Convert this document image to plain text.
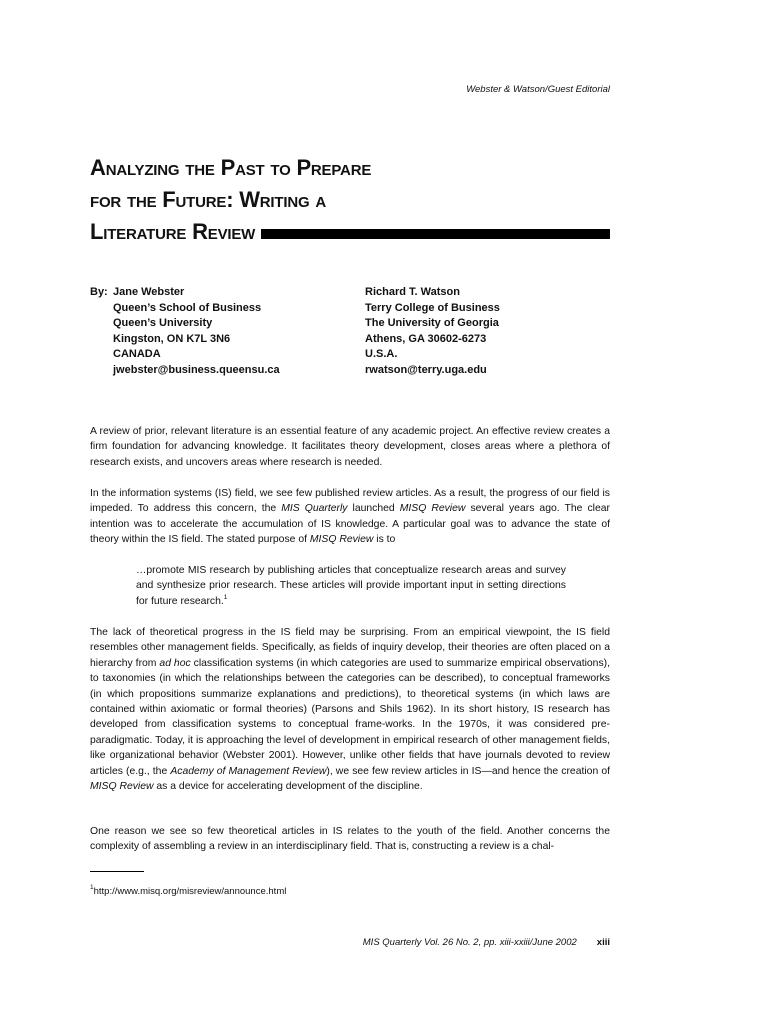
Webster & Watson/Guest Editorial
Analyzing the Past to Prepare
for the Future: Writing a
Literature Review
By: Jane Webster
Queen’s School of Business
Queen’s University
Kingston, ON K7L 3N6
CANADA
jwebster@business.queensu.ca
Richard T. Watson
Terry College of Business
The University of Georgia
Athens, GA 30602-6273
U.S.A.
rwatson@terry.uga.edu

A review of prior, relevant literature is an essential feature of any academic project. An effective review creates a firm foundation for advancing knowledge. It facilitates theory development, closes areas where a plethora of research exists, and uncovers areas where research is needed.

In the information systems (IS) field, we see few published review articles. As a result, the progress of our field is impeded. To address this concern, the MIS Quarterly launched MISQ Review several years ago. The clear intention was to accelerate the accumulation of IS knowledge. A particular goal was to advance the state of theory within the IS field. The stated purpose of MISQ Review is to

…promote MIS research by publishing articles that conceptualize research areas and survey and synthesize prior research. These articles will provide important input in setting directions for future research.$^1$

The lack of theoretical progress in the IS field may be surprising. From an empirical viewpoint, the IS field resembles other management fields. Specifically, as fields of inquiry develop, their theories are often placed on a hierarchy from ad hoc classification systems (in which categories are used to summarize empirical observations), to taxonomies (in which the relationships between the categories can be described), to conceptual frameworks (in which propositions summarize explanations and predictions), to theoretical systems (in which laws are contained within axiomatic or formal theories) (Parsons and Shils 1962). In its short history, IS research has developed from classification systems to conceptual frame-works. In the 1970s, it was considered pre-paradigmatic. Today, it is approaching the level of development in empirical research of other management fields, like organizational behavior (Webster 2001). However, unlike other fields that have journals devoted to review articles (e.g., the Academy of Management Review), we see few review articles in IS—and hence the creation of MISQ Review as a device for accelerating development of the discipline.

One reason we see so few theoretical articles in IS relates to the youth of the field. Another concerns the complexity of assembling a review in an interdisciplinary field. That is, constructing a review is a chal-

$^1$http://www.misq.org/misreview/announce.html
MIS Quarterly Vol. 26 No. 2, pp. xiii-xxiii/June 2002 xiii
